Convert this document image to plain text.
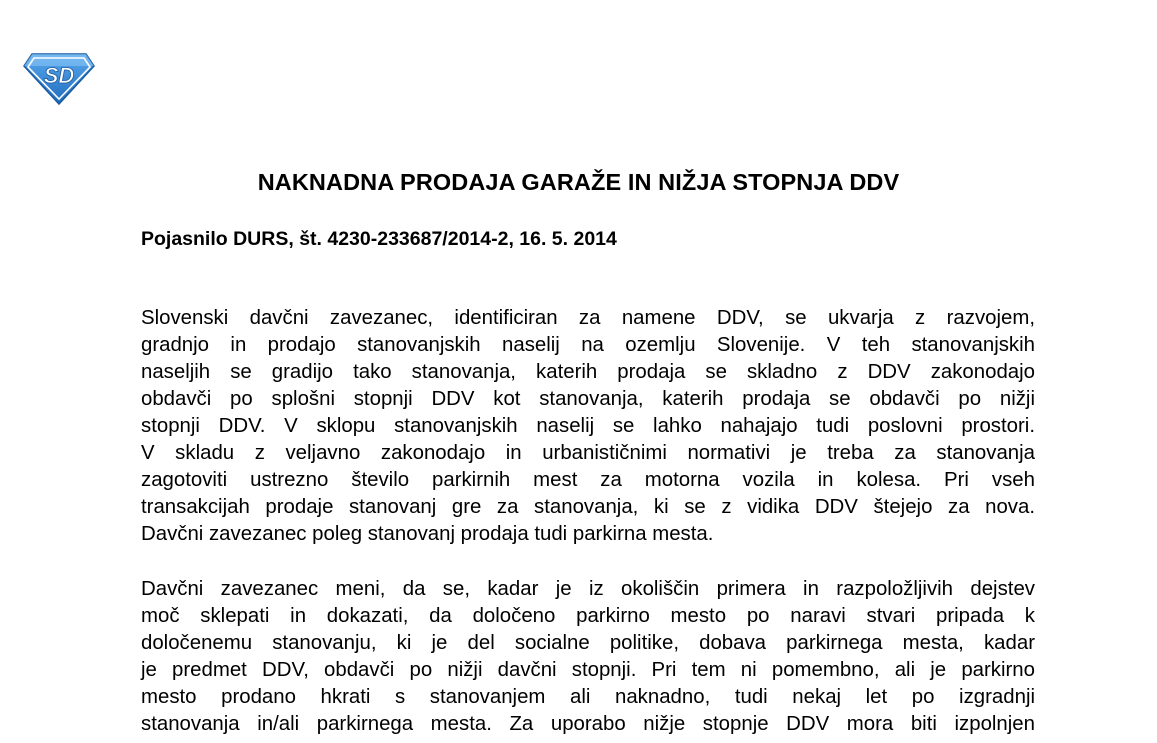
SD
NAKNADNA PRODAJA GARAŽE IN NIŽJA STOPNJA DDV
Pojasnilo DURS, št. 4230-233687/2014-2, 16. 5. 2014
Slovenski davčni zavezanec, identificiran za namene DDV, se ukvarja z razvojem,
gradnjo in prodajo stanovanjskih naselij na ozemlju Slovenije. V teh stanovanjskih
naseljih se gradijo tako stanovanja, katerih prodaja se skladno z DDV zakonodajo
obdavči po splošni stopnji DDV kot stanovanja, katerih prodaja se obdavči po nižji
stopnji DDV. V sklopu stanovanjskih naselij se lahko nahajajo tudi poslovni prostori.
V skladu z veljavno zakonodajo in urbanističnimi normativi je treba za stanovanja
zagotoviti ustrezno število parkirnih mest za motorna vozila in kolesa. Pri vseh
transakcijah prodaje stanovanj gre za stanovanja, ki se z vidika DDV štejejo za nova.
Davčni zavezanec poleg stanovanj prodaja tudi parkirna mesta.
Davčni zavezanec meni, da se, kadar je iz okoliščin primera in razpoložljivih dejstev
moč sklepati in dokazati, da določeno parkirno mesto po naravi stvari pripada k
določenemu stanovanju, ki je del socialne politike, dobava parkirnega mesta, kadar
je predmet DDV, obdavči po nižji davčni stopnji. Pri tem ni pomembno, ali je parkirno
mesto prodano hkrati s stanovanjem ali naknadno, tudi nekaj let po izgradnji
stanovanja in/ali parkirnega mesta. Za uporabo nižje stopnje DDV mora biti izpolnjen
